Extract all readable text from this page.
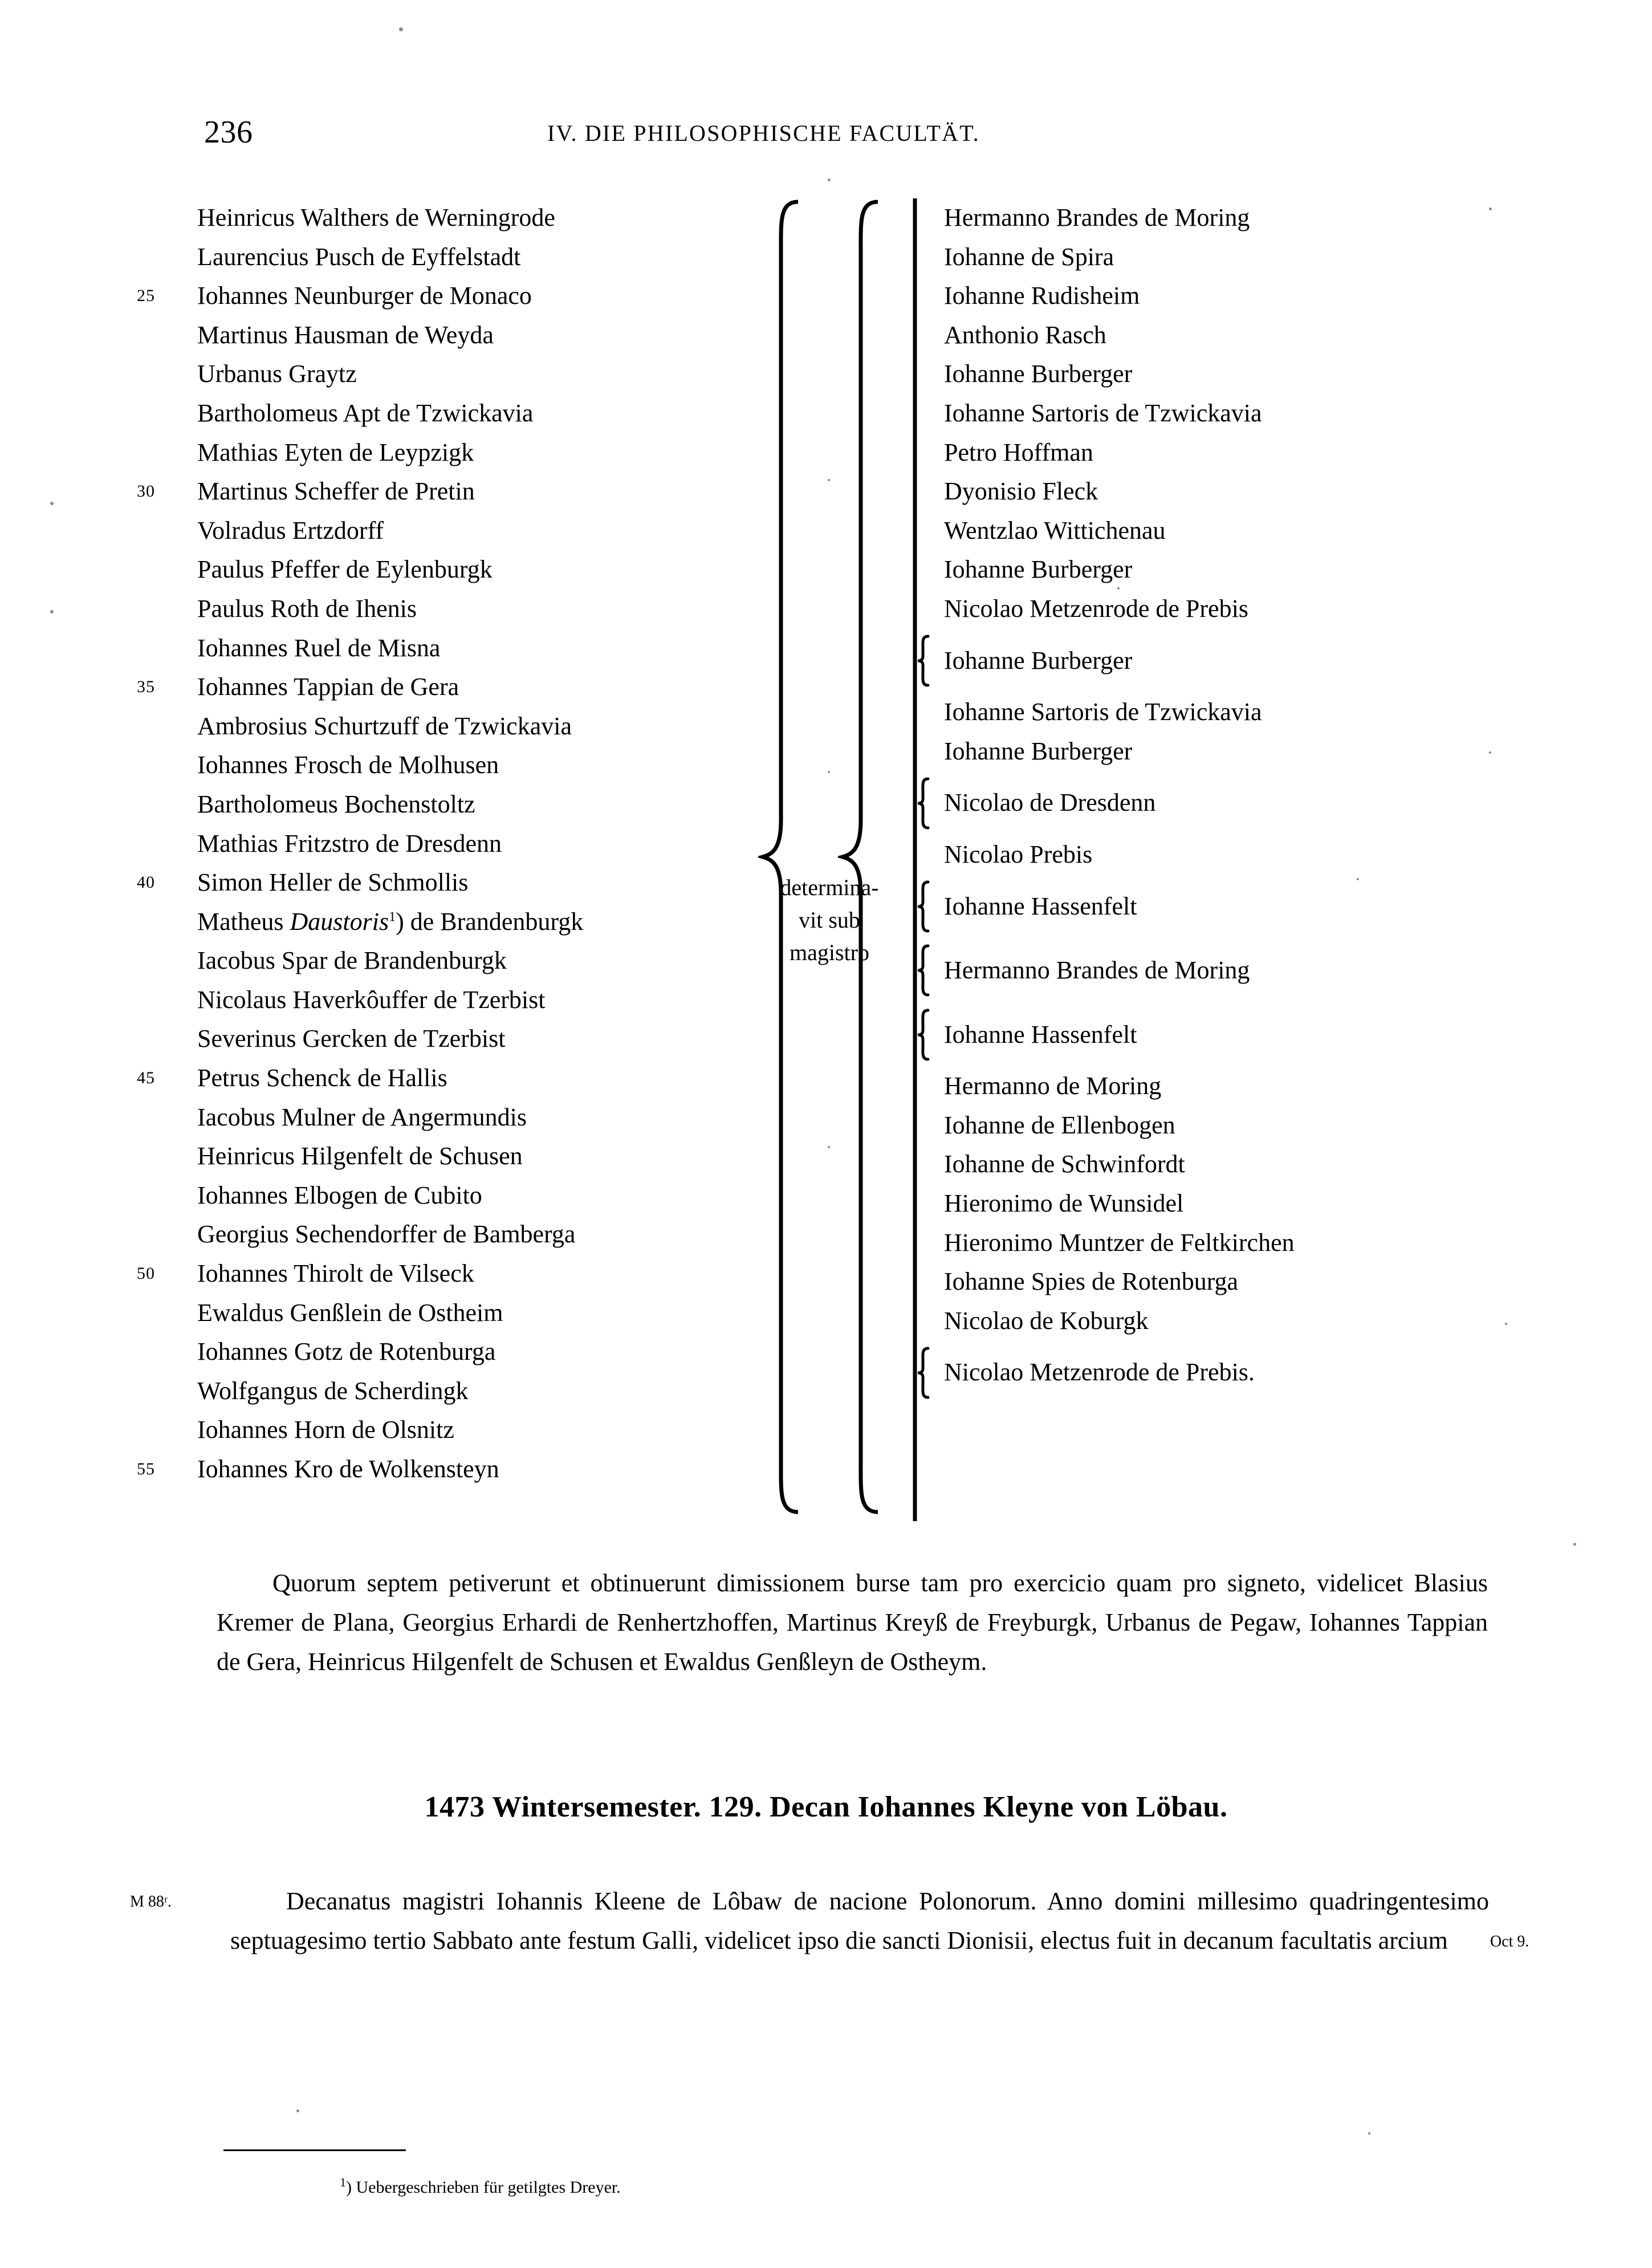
236	IV. DIE PHILOSOPHISCHE FACULTÄT.
Heinricus Walthers de Werningrode
Laurencius Pusch de Eyffelstadt
25 Iohannes Neunburger de Monaco
Martinus Hausman de Weyda
Urbanus Graytz
Bartholomeus Apt de Tzwickavia
Mathias Eyten de Leypzigk
30 Martinus Scheffer de Pretin
Volradus Ertzdorff
Paulus Pfeffer de Eylenburgk
Paulus Roth de Ihenis
Iohannes Ruel de Misna
35 Iohannes Tappian de Gera
Ambrosius Schurtzuff de Tzwickavia
Iohannes Frosch de Molhusen
Bartholomeus Bochenstoltz
Mathias Fritzstro de Dresdenn
40 Simon Heller de Schmollis
Matheus Daustoris$^1$) de Brandenburgk
Iacobus Spar de Brandenburgk
Nicolaus Haverkôuffer de Tzerbist
Severinus Gercken de Tzerbist
45 Petrus Schenck de Hallis
Iacobus Mulner de Angermundis
Heinricus Hilgenfelt de Schusen
Iohannes Elbogen de Cubito
Georgius Sechendorffer de Bamberga
50 Iohannes Thirolt de Vilseck
Ewaldus Genßlein de Ostheim
Iohannes Gotz de Rotenburga
Wolfgangus de Scherdingk
Iohannes Horn de Olsnitz
55 Iohannes Kro de Wolkensteyn
determina-
vit sub
magistro
Hermanno Brandes de Moring
Iohanne de Spira
Iohanne Rudisheim
Anthonio Rasch
Iohanne Burberger
Iohanne Sartoris de Tzwickavia
Petro Hoffman
Dyonisio Fleck
Wentzlao Wittichenau
Iohanne Burberger
Nicolao Metzenrode de Prebis
Iohanne Burberger
Iohanne Sartoris de Tzwickavia
Iohanne Burberger
Nicolao de Dresdenn
Nicolao Prebis
Iohanne Hassenfelt
Hermanno Brandes de Moring
Iohanne Hassenfelt
Hermanno de Moring
Iohanne de Ellenbogen
Iohanne de Schwinfordt
Hieronimo de Wunsidel
Hieronimo Muntzer de Feltkirchen
Iohanne Spies de Rotenburga
Nicolao de Koburgk
Nicolao Metzenrode de Prebis.
Quorum septem petiverunt et obtinuerunt dimissionem burse tam pro exercicio quam pro signeto, videlicet Blasius Kremer de Plana, Georgius Erhardi de Renhertzhoffen, Martinus Kreyß de Freyburgk, Urbanus de Pegaw, Iohannes Tappian de Gera, Heinricus Hilgenfelt de Schusen et Ewaldus Genßleyn de Ostheym.
1473 Wintersemester. 129. Decan Iohannes Kleyne von Löbau.
Decanatus magistri Iohannis Kleene de Lôbaw de nacione Polonorum. Anno domini millesimo quadringentesimo septuagesimo tertio Sabbato ante festum Galli, videlicet ipso die sancti Dionisii, electus fuit in decanum facultatis arcium
M 88ʳ.
Oct 9.
$^1$) Uebergeschrieben für getilgtes Dreyer.
